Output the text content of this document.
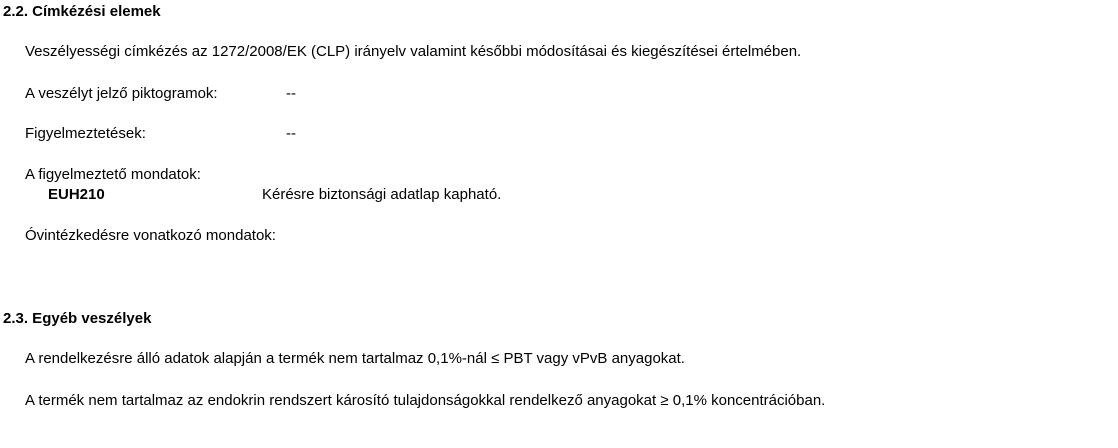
2.2. Címkézési elemek
Veszélyességi címkézés az 1272/2008/EK (CLP) irányelv valamint későbbi módosításai és kiegészítései értelmében.
A veszélyt jelző piktogramok:	--
Figyelmeztetések:	--
A figyelmeztető mondatok:
EUH210	Kérésre biztonsági adatlap kapható.
Óvintézkedésre vonatkozó mondatok:
2.3. Egyéb veszélyek
A rendelkezésre álló adatok alapján a termék nem tartalmaz 0,1%-nál ≤ PBT vagy vPvB anyagokat.
A termék nem tartalmaz az endokrin rendszert károsító tulajdonságokkal rendelkező anyagokat ≥ 0,1% koncentrációban.
